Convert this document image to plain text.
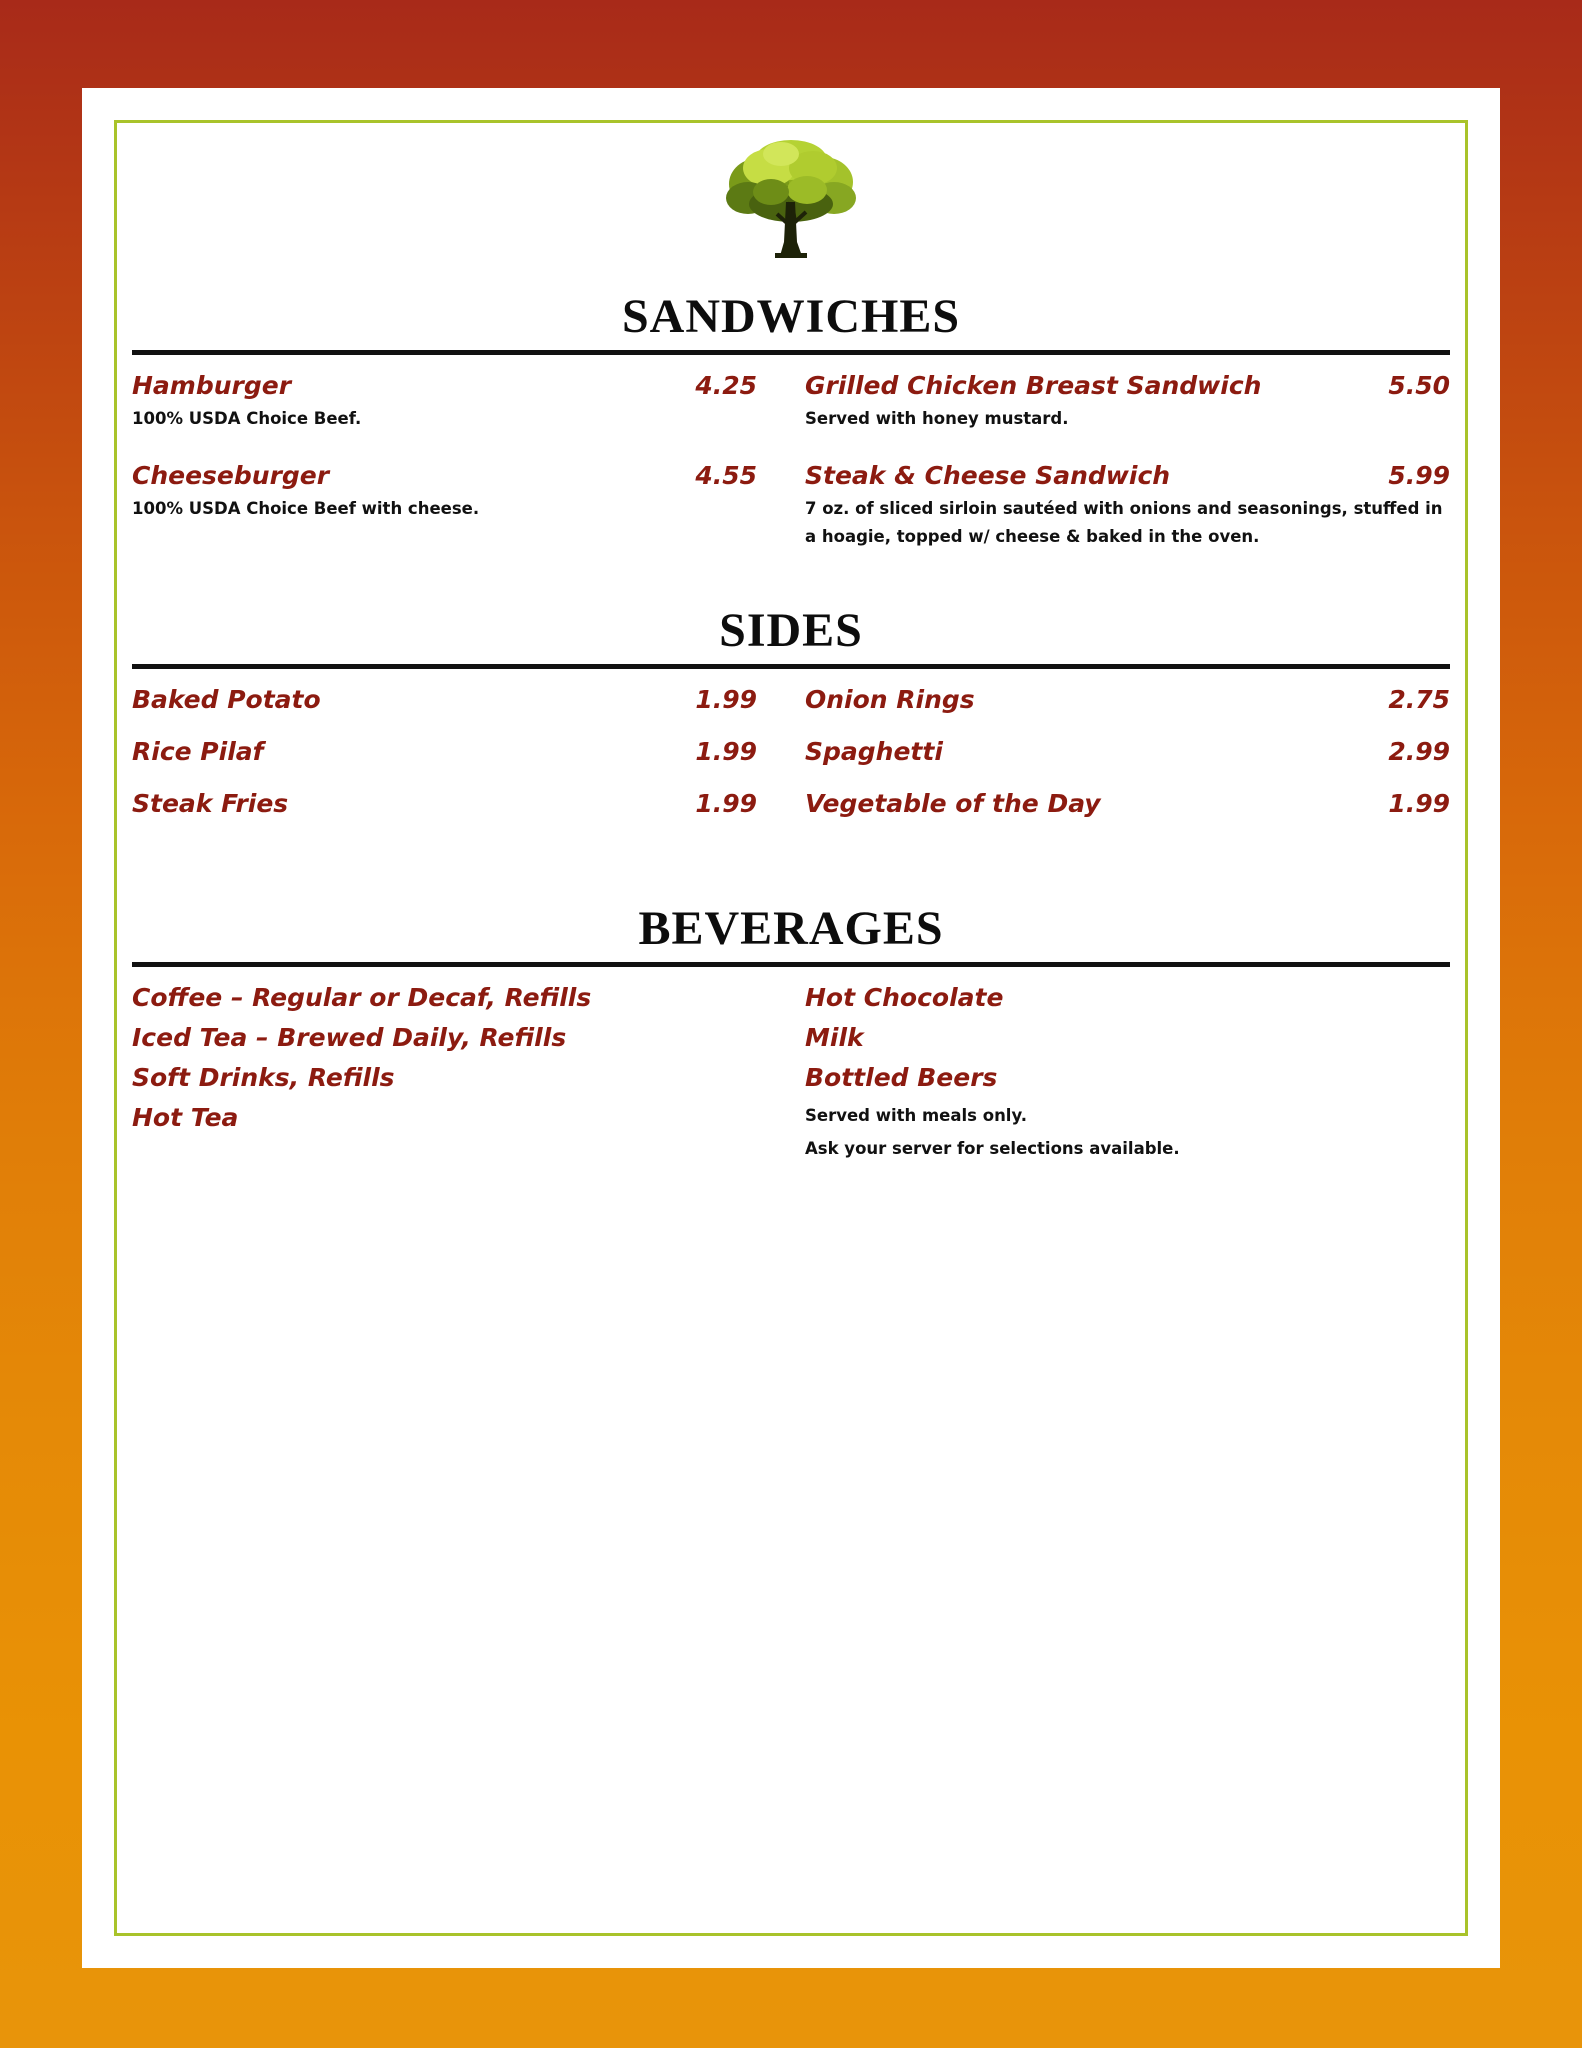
SANDWICHES
Hamburger	4.25
100% USDA Choice Beef.
Cheeseburger	4.55
100% USDA Choice Beef with cheese.
Grilled Chicken Breast Sandwich	5.50
Served with honey mustard.
Steak & Cheese Sandwich	5.99
7 oz. of sliced sirloin sautéed with onions and seasonings, stuffed in a hoagie, topped w/ cheese & baked in the oven.
SIDES
Baked Potato	1.99
Rice Pilaf	1.99
Steak Fries	1.99
Onion Rings	2.75
Spaghetti	2.99
Vegetable of the Day	1.99
BEVERAGES
Coffee – Regular or Decaf, Refills
Iced Tea – Brewed Daily, Refills
Soft Drinks, Refills
Hot Tea
Hot Chocolate
Milk
Bottled Beers
Served with meals only.
Ask your server for selections available.
